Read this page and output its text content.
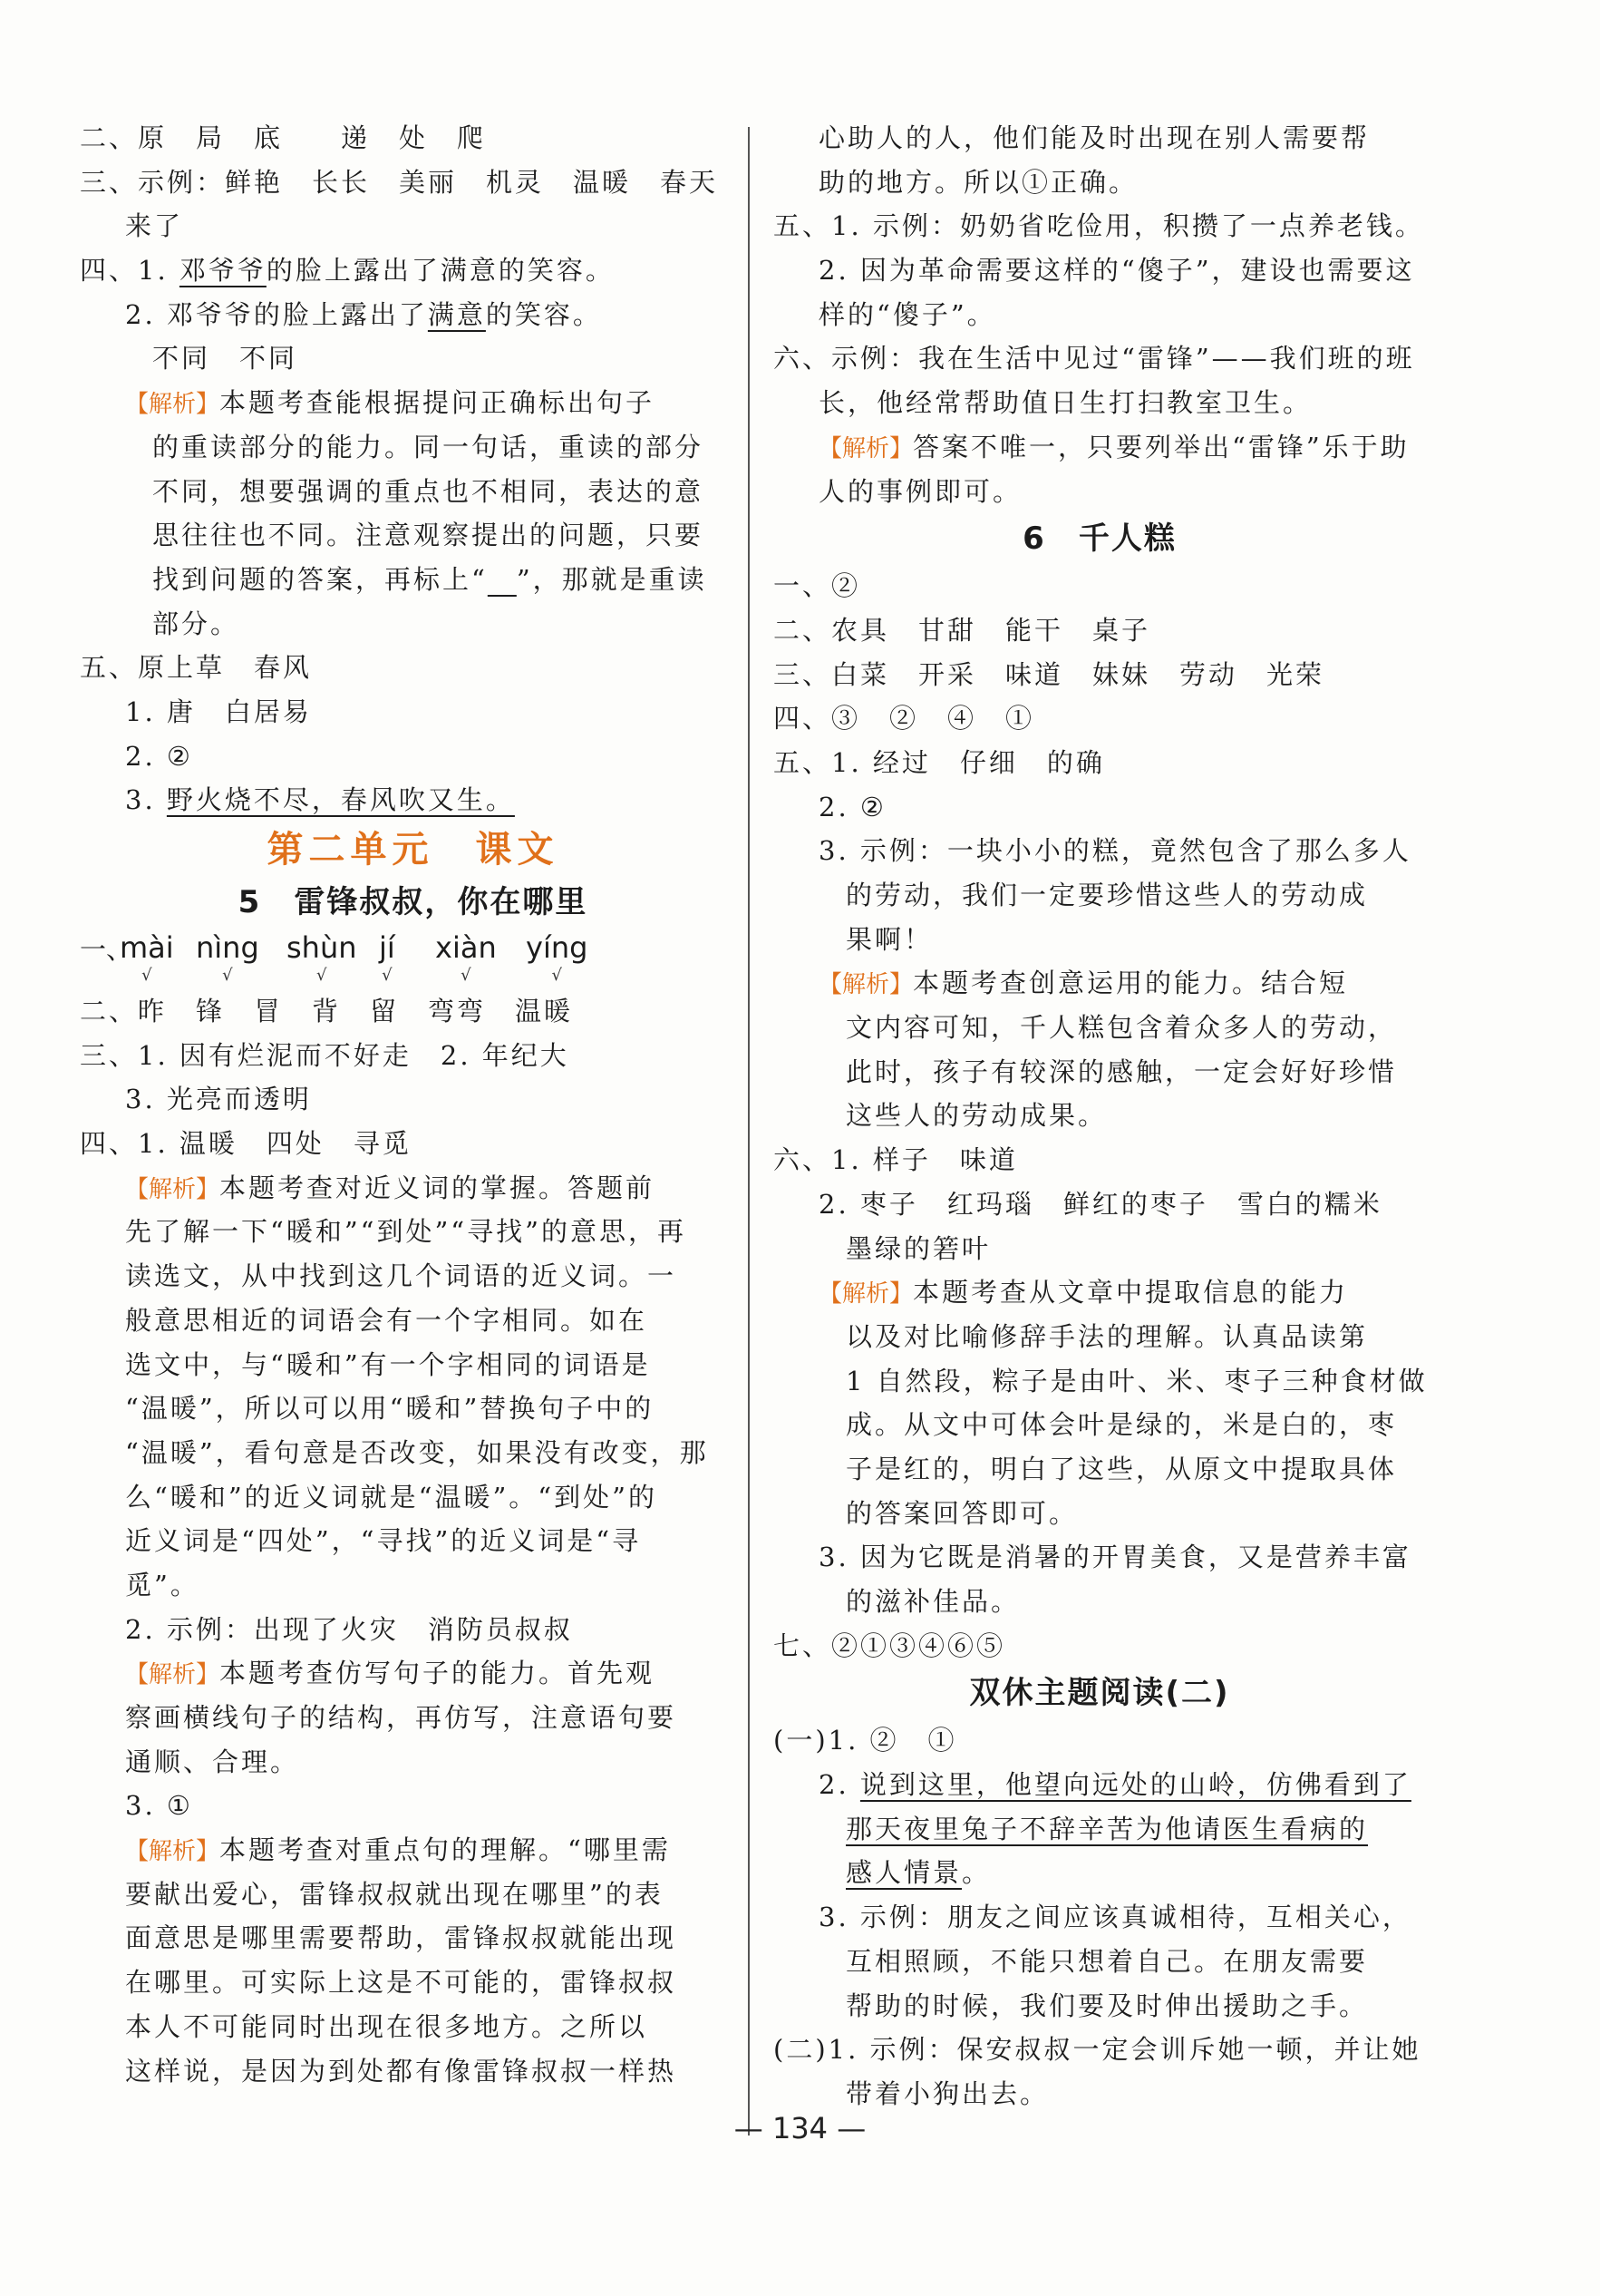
二、原　局　底　　递　处　爬
三、示例：鲜艳　长长　美丽　机灵　温暖　春天
来了
四、1. 邓爷爷的脸上露出了满意的笑容。
2. 邓爷爷的脸上露出了满意的笑容。
不同　不同
【解析】本题考查能根据提问正确标出句子
的重读部分的能力。同一句话，重读的部分
不同，想要强调的重点也不相同，表达的意
思往往也不同。注意观察提出的问题，只要
找到问题的答案，再标上“　 ”，那就是重读
部分。
五、原上草　春风
1. 唐　白居易
2. ②
3. 野火烧不尽，春风吹又生。
第二单元　课文
5　雷锋叔叔，你在哪里
一、
mài
√
nìng
√
shùn
√
jí
√
xiàn
√
yíng
√
二、昨　锋　冒　背　留　弯弯　温暖
三、1. 因有烂泥而不好走　2. 年纪大
3. 光亮而透明
四、1. 温暖　四处　寻觅
【解析】本题考查对近义词的掌握。答题前
先了解一下“暖和”“到处”“寻找”的意思，再
读选文，从中找到这几个词语的近义词。一
般意思相近的词语会有一个字相同。如在
选文中，与“暖和”有一个字相同的词语是
“温暖”，所以可以用“暖和”替换句子中的
“温暖”，看句意是否改变，如果没有改变，那
么“暖和”的近义词就是“温暖”。“到处”的
近义词是“四处”，“寻找”的近义词是“寻
觅”。
2. 示例：出现了火灾　消防员叔叔
【解析】本题考查仿写句子的能力。首先观
察画横线句子的结构，再仿写，注意语句要
通顺、合理。
3. ①
【解析】本题考查对重点句的理解。“哪里需
要献出爱心，雷锋叔叔就出现在哪里”的表
面意思是哪里需要帮助，雷锋叔叔就能出现
在哪里。可实际上这是不可能的，雷锋叔叔
本人不可能同时出现在很多地方。之所以
这样说，是因为到处都有像雷锋叔叔一样热
心助人的人，他们能及时出现在别人需要帮
助的地方。所以①正确。
五、1. 示例：奶奶省吃俭用，积攒了一点养老钱。
2. 因为革命需要这样的“傻子”，建设也需要这
样的“傻子”。
六、示例：我在生活中见过“雷锋”——我们班的班
长，他经常帮助值日生打扫教室卫生。
【解析】答案不唯一，只要列举出“雷锋”乐于助
人的事例即可。
6　千人糕
一、②
二、农具　甘甜　能干　桌子
三、白菜　开采　味道　妹妹　劳动　光荣
四、③　②　④　①
五、1. 经过　仔细　的确
2. ②
3. 示例：一块小小的糕，竟然包含了那么多人
的劳动，我们一定要珍惜这些人的劳动成
果啊！
【解析】本题考查创意运用的能力。结合短
文内容可知，千人糕包含着众多人的劳动，
此时，孩子有较深的感触，一定会好好珍惜
这些人的劳动成果。
六、1. 样子　味道
2. 枣子　红玛瑙　鲜红的枣子　雪白的糯米
墨绿的箬叶
【解析】本题考查从文章中提取信息的能力
以及对比喻修辞手法的理解。认真品读第
1 自然段，粽子是由叶、米、枣子三种食材做
成。从文中可体会叶是绿的，米是白的，枣
子是红的，明白了这些，从原文中提取具体
的答案回答即可。
3. 因为它既是消暑的开胃美食，又是营养丰富
的滋补佳品。
七、②①③④⑥⑤
双休主题阅读(二)
(一)1. ②　①
2. 说到这里，他望向远处的山岭，仿佛看到了
那天夜里兔子不辞辛苦为他请医生看病的
感人情景。
3. 示例：朋友之间应该真诚相待，互相关心，
互相照顾，不能只想着自己。在朋友需要
帮助的时候，我们要及时伸出援助之手。
(二)1. 示例：保安叔叔一定会训斥她一顿，并让她
带着小狗出去。
— 134 —
